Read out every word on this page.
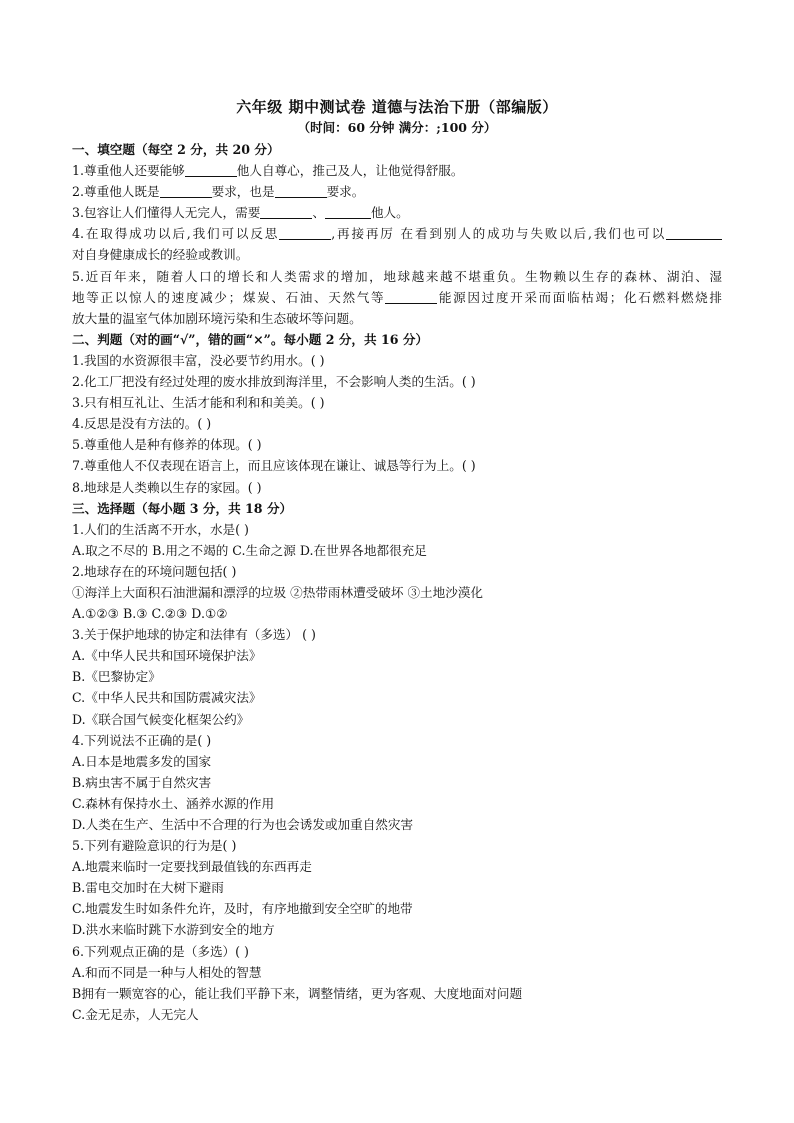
六年级 期中测试卷 道德与法治下册（部编版）
（时间：60 分钟 满分：;100 分）
一、填空题（每空 2 分，共 20 分）
1.尊重他人还要能够	他人自尊心，推己及人，让他觉得舒服。
2.尊重他人既是	要求，也是	要求。
3.包容让人们懂得人无完人，需要	、	他人。
4.在取得成功以后,我们可以反思	,再接再厉 在看到别人的成功与失败以后,我们也可以
对自身健康成长的经验或教训。
5.近百年来，随着人口的增长和人类需求的增加，地球越来越不堪重负。生物赖以生存的森林、湖泊、湿
地等正以惊人的速度减少；煤炭、石油、天然气等	能源因过度开采而面临枯竭；化石燃料燃烧排
放大量的温室气体加剧环境污染和生态破坏等问题。
二、判题（对的画“√”，错的画“×”。每小题 2 分，共 16 分）
1.我国的水资源很丰富，没必要节约用水。( )
2.化工厂把没有经过处理的废水排放到海洋里，不会影响人类的生活。( )
3.只有相互礼让、生活才能和利和和美美。( )
4.反思是没有方法的。( )
5.尊重他人是种有修养的体现。( )
7.尊重他人不仅表现在语言上，而且应该体现在谦让、诚恳等行为上。( )
8.地球是人类赖以生存的家园。( )
三、选择题（每小题 3 分，共 18 分）
1.人们的生活离不开水，水是( )
A.取之不尽的 B.用之不竭的 C.生命之源 D.在世界各地都很充足
2.地球存在的环境问题包括( )
①海洋上大面积石油泄漏和漂浮的垃圾 ②热带雨林遭受破坏 ③土地沙漠化
A.①②③ B.③ C.②③ D.①②
3.关于保护地球的协定和法律有（多选） ( )
A.《中华人民共和国环境保护法》
B.《巴黎协定》
C.《中华人民共和国防震减灾法》
D.《联合国气候变化框架公约》
4.下列说法不正确的是( )
A.日本是地震多发的国家
B.病虫害不属于自然灾害
C.森林有保持水土、涵养水源的作用
D.人类在生产、生活中不合理的行为也会诱发或加重自然灾害
5.下列有避险意识的行为是( )
A.地震来临时一定要找到最值钱的东西再走
B.雷电交加时在大树下避雨
C.地震发生时如条件允许，及时，有序地撤到安全空旷的地带
D.洪水来临时跳下水游到安全的地方
6.下列观点正确的是（多选）( )
A.和而不同是一种与人相处的智慧
B拥有一颗宽容的心，能让我们平静下来，调整情绪，更为客观、大度地面对问题
C.金无足赤，人无完人
